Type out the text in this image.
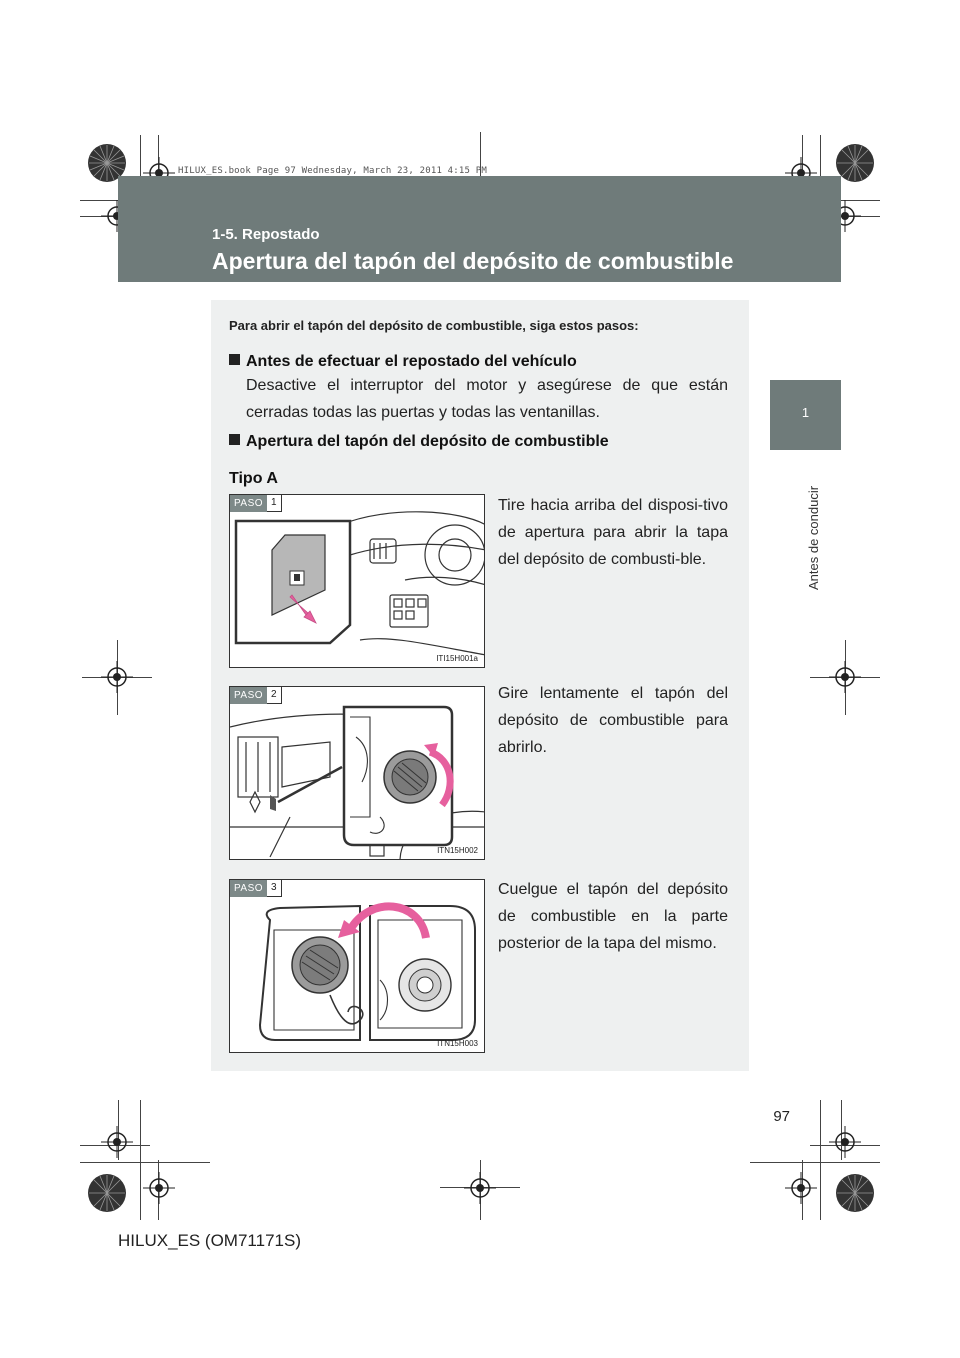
HILUX_ES.book Page 97 Wednesday, March 23, 2011 4:15 PM
1-5. Repostado
Apertura del tapón del depósito de combustible
1
Antes de conducir
Para abrir el tapón del depósito de combustible, siga estos pasos:
Antes de efectuar el repostado del vehículo
Desactive el interruptor del motor y asegúrese de que están cerradas todas las puertas y todas las ventanillas.
Apertura del tapón del depósito de combustible
Tipo A
PASO 1
ITI15H001a
Tire hacia arriba del disposi-tivo de apertura para abrir la tapa del depósito de combusti-ble.
PASO 2
ITN15H002
Gire lentamente el tapón del depósito de combustible para abrirlo.
PASO 3
ITN15H003
Cuelgue el tapón del depósito de combustible en la parte posterior de la tapa del mismo.
97
HILUX_ES (OM71171S)
